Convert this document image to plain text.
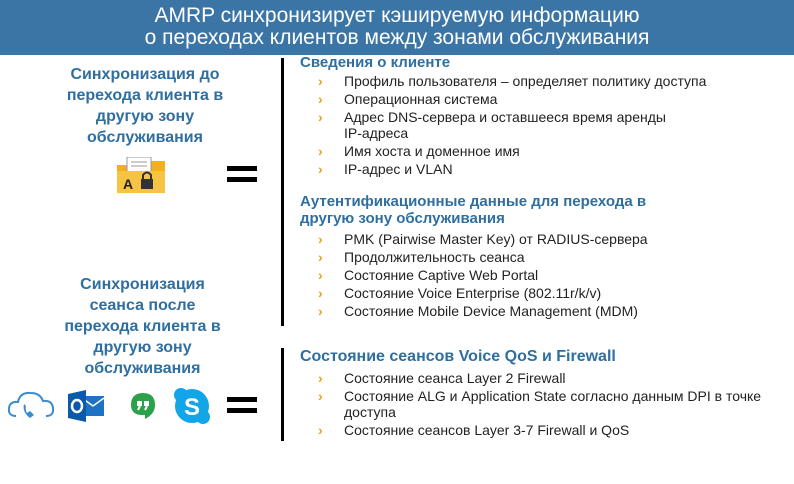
AMRP синхронизирует кэшируемую информацию
о переходах клиентов между зонами обслуживания
Синхронизация до
перехода клиента в
другую зону
обслуживания
A
Сведения о клиенте
› Профиль пользователя – определяет политику доступа
› Операционная система
› Адрес DNS-сервера и оставшееся время аренды IP-адреса
› Имя хоста и доменное имя
› IP-адрес и VLAN
Аутентификационные данные для перехода в
другую зону обслуживания
› PMK (Pairwise Master Key) от RADIUS-сервера
› Продолжительность сеанса
› Состояние Captive Web Portal
› Состояние Voice Enterprise (802.11r/k/v)
› Состояние Mobile Device Management (MDM)
Синхронизация
сеанса после
перехода клиента в
другую зону
обслуживания
S
Состояние сеансов Voice QoS и Firewall
› Состояние сеанса Layer 2 Firewall
› Состояние ALG и Application State согласно данным DPI в точке доступа
› Состояние сеансов Layer 3-7 Firewall и QoS
